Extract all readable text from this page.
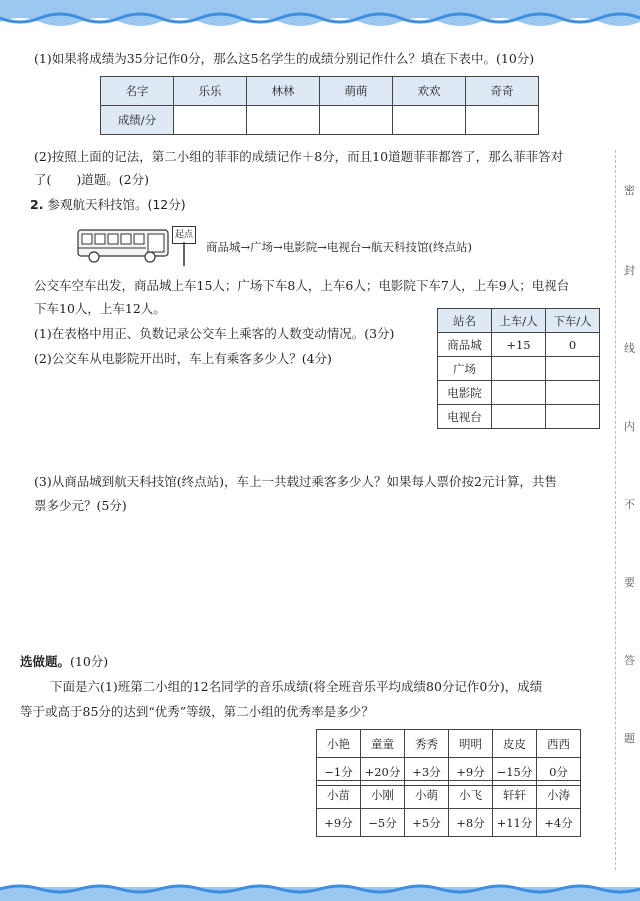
(1)如果将成绩为35分记作0分，那么这5名学生的成绩分别记作什么？填在下表中。(10分)

名字	乐乐	林林	萌萌	欢欢	奇奇
成绩/分					

(2)按照上面的记法，第二小组的菲菲的成绩记作＋8分，而且10道题菲菲都答了，那么菲菲答对

了(　　)道题。(2分)

2. 参观航天科技馆。(12分)
起点
商品城→广场→电影院→电视台→航天科技馆(终点站)

公交车空车出发，商品城上车15人；广场下车8人，上车6人；电影院下车7人，上车9人；电视台

下车10人，上车12人。

(1)在表格中用正、负数记录公交车上乘客的人数变动情况。(3分)

(2)公交车从电影院开出时，车上有乘客多少人？(4分)

站名	上车/人	下车/人
商品城	+15	0
广场		
电影院		
电视台		

(3)从商品城到航天科技馆(终点站)，车上一共载过乘客多少人？如果每人票价按2元计算，共售

票多少元？(5分)

选做题。(10分)

下面是六(1)班第二小组的12名同学的音乐成绩(将全班音乐平均成绩80分记作0分)，成绩

等于或高于85分的达到“优秀”等级，第二小组的优秀率是多少？

小艳	童童	秀秀	明明	皮皮	西西
−1分	+20分	+3分	+9分	−15分	0分
小苗	小刚	小萌	小飞	轩轩	小涛
+9分	−5分	+5分	+8分	+11分	+4分
密
封
线
内
不
要
答
题
